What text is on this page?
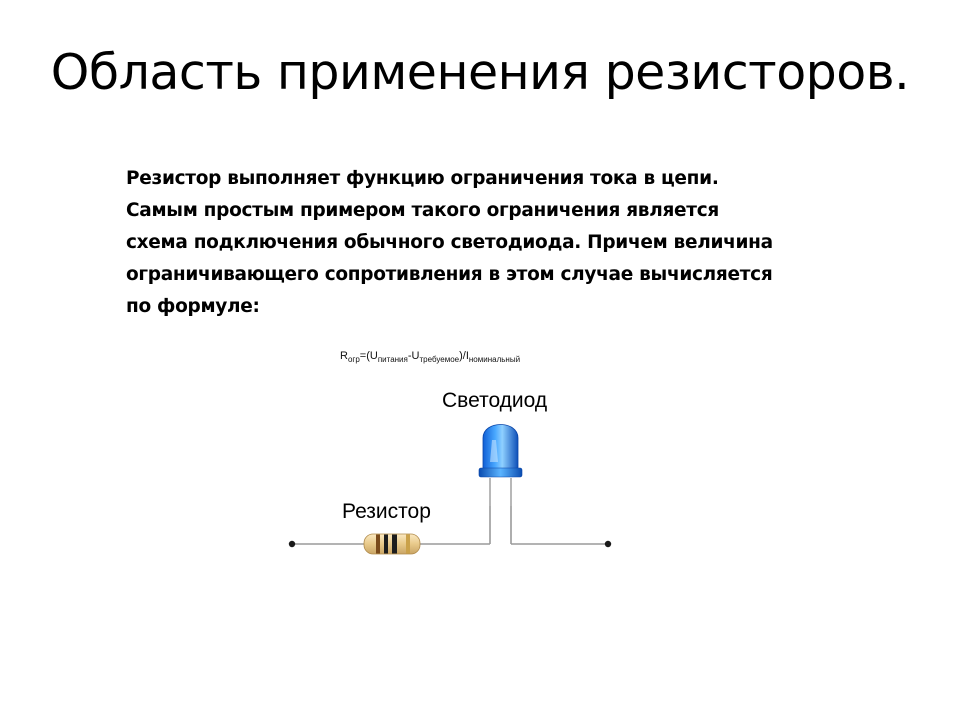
Область применения резисторов.

Резистор выполняет функцию ограничения тока в цепи.
Самым простым примером такого ограничения является
схема подключения обычного светодиода. Причем величина
ограничивающего сопротивления в этом случае вычисляется
по формуле:

$R_{огр}=(U_{питания}-U_{требуемое})/I_{номинальный}$
Светодиод
Резистор
